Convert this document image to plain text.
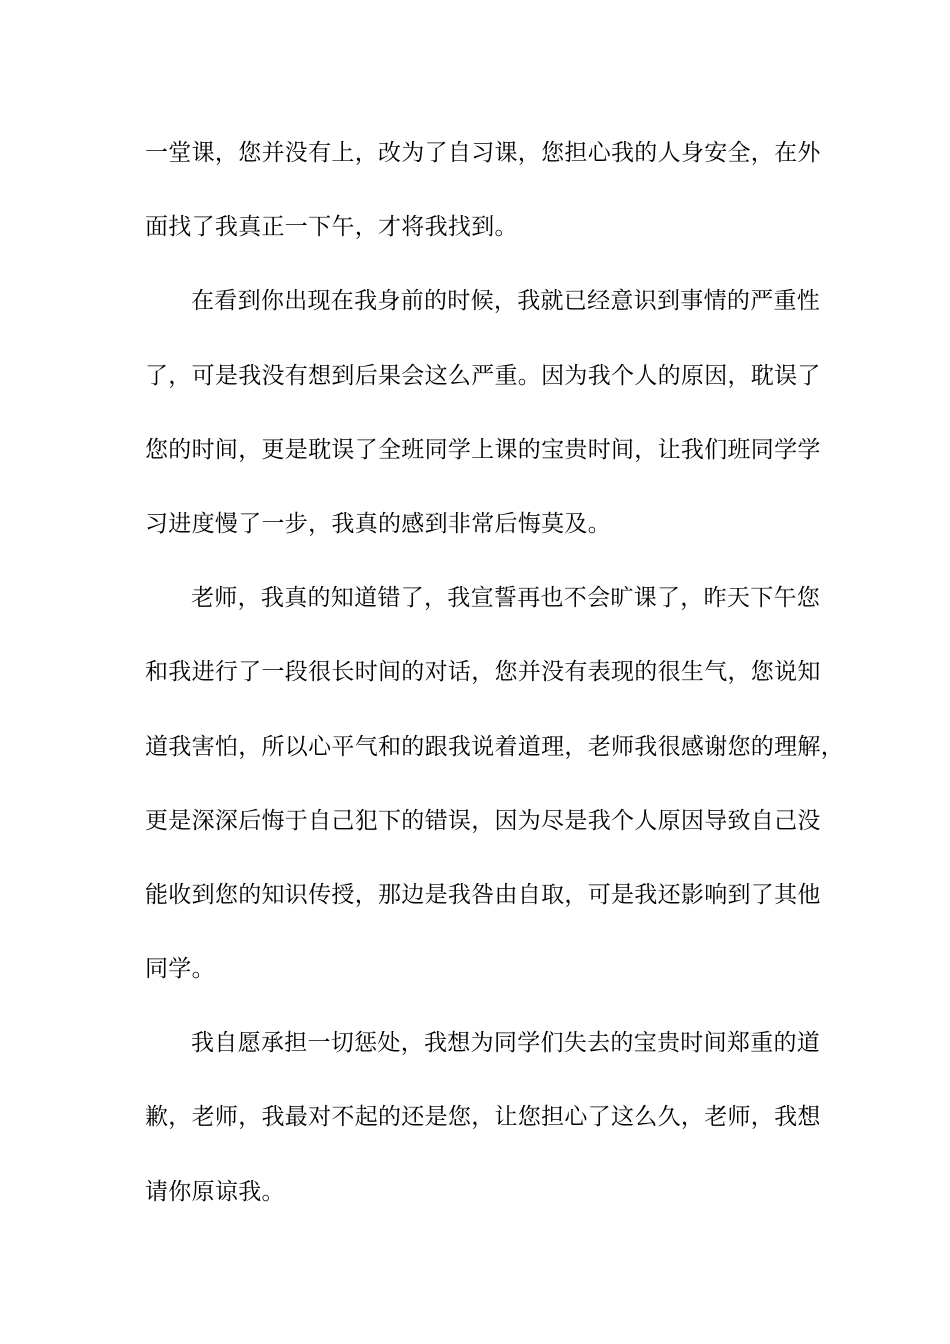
一堂课，您并没有上，改为了自习课，您担心我的人身安全，在外
面找了我真正一下午，才将我找到。
在看到你出现在我身前的时候，我就已经意识到事情的严重性
了，可是我没有想到后果会这么严重。因为我个人的原因，耽误了
您的时间，更是耽误了全班同学上课的宝贵时间，让我们班同学学
习进度慢了一步，我真的感到非常后悔莫及。
老师，我真的知道错了，我宣誓再也不会旷课了，昨天下午您
和我进行了一段很长时间的对话，您并没有表现的很生气，您说知
道我害怕，所以心平气和的跟我说着道理，老师我很感谢您的理解，
更是深深后悔于自己犯下的错误，因为尽是我个人原因导致自己没
能收到您的知识传授，那边是我咎由自取，可是我还影响到了其他
同学。
我自愿承担一切惩处，我想为同学们失去的宝贵时间郑重的道
歉，老师，我最对不起的还是您，让您担心了这么久，老师，我想
请你原谅我。
